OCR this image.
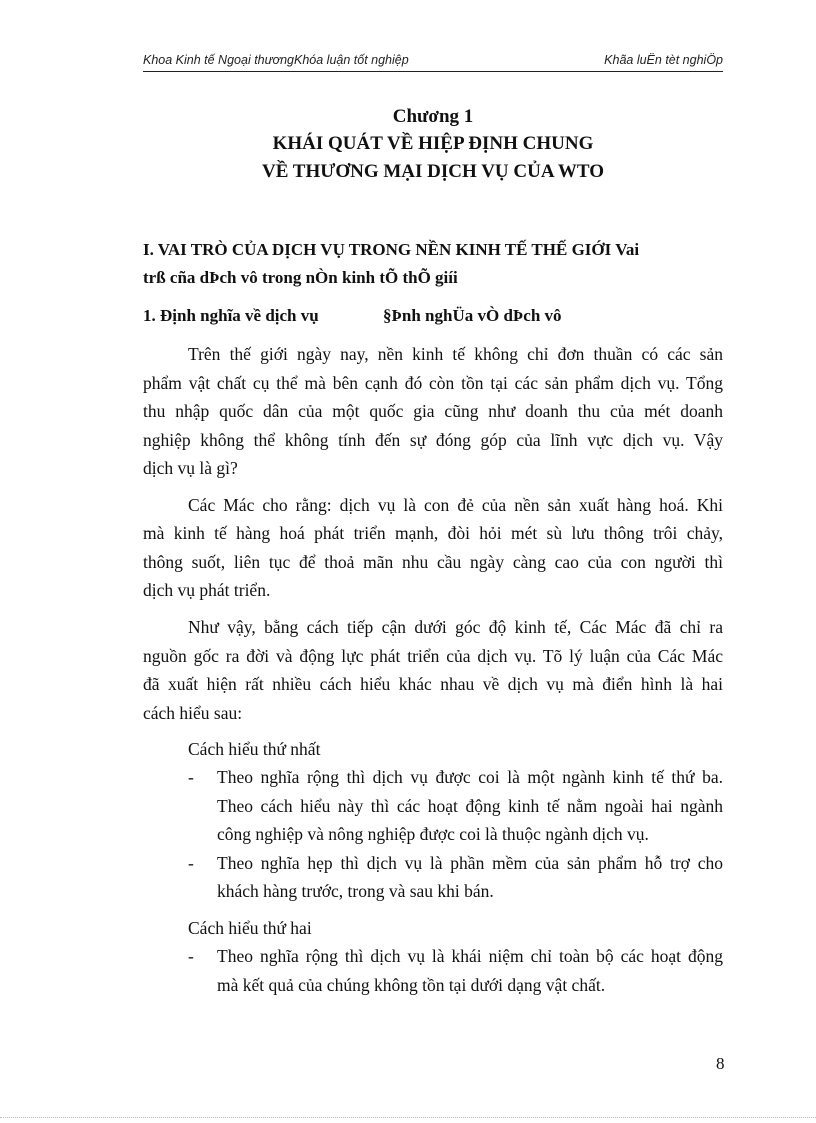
Khoa Kinh tế Ngoại thươngKhóa luận tốt nghiệp	Khãa luËn tèt nghiÖp
Chương 1
KHÁI QUÁT VỀ HIỆP ĐỊNH CHUNG
VỀ THƯƠNG MẠI DỊCH VỤ CỦA WTO
I. VAI TRÒ CỦA DỊCH VỤ TRONG NỀN KINH TẾ THẾ GIỚI Vai
trß cña dÞch vô trong nÒn kinh tÕ thÕ giíi
1. Định nghĩa về dịch vụ	§Þnh nghÜa vÒ dÞch vô
Trên thế giới ngày nay, nền kinh tế không chỉ đơn thuần có các sản
phẩm vật chất cụ thể mà bên cạnh đó còn tồn tại các sản phẩm dịch vụ. Tổng
thu nhập quốc dân của một quốc gia cũng như doanh thu của mét doanh
nghiệp không thể không tính đến sự đóng góp của lĩnh vực dịch vụ. Vậy
dịch vụ là gì?
Các Mác cho rằng: dịch vụ là con đẻ của nền sản xuất hàng hoá. Khi
mà kinh tế hàng hoá phát triển mạnh, đòi hỏi mét sù lưu thông trôi chảy,
thông suốt, liên tục để thoả mãn nhu cầu ngày càng cao của con người thì
dịch vụ phát triển.
Như vậy, bằng cách tiếp cận dưới góc độ kinh tế, Các Mác đã chỉ ra
nguồn gốc ra đời và động lực phát triển của dịch vụ. Tõ lý luận của Các Mác
đã xuất hiện rất nhiều cách hiểu khác nhau về dịch vụ mà điển hình là hai
cách hiểu sau:
Cách hiểu thứ nhất
- Theo nghĩa rộng thì dịch vụ được coi là một ngành kinh tế thứ ba.
Theo cách hiểu này thì các hoạt động kinh tế nằm ngoài hai ngành
công nghiệp và nông nghiệp được coi là thuộc ngành dịch vụ.
- Theo nghĩa hẹp thì dịch vụ là phần mềm của sản phẩm hỗ trợ cho
khách hàng trước, trong và sau khi bán.
Cách hiểu thứ hai
- Theo nghĩa rộng thì dịch vụ là khái niệm chỉ toàn bộ các hoạt động
mà kết quả của chúng không tồn tại dưới dạng vật chất.
8
